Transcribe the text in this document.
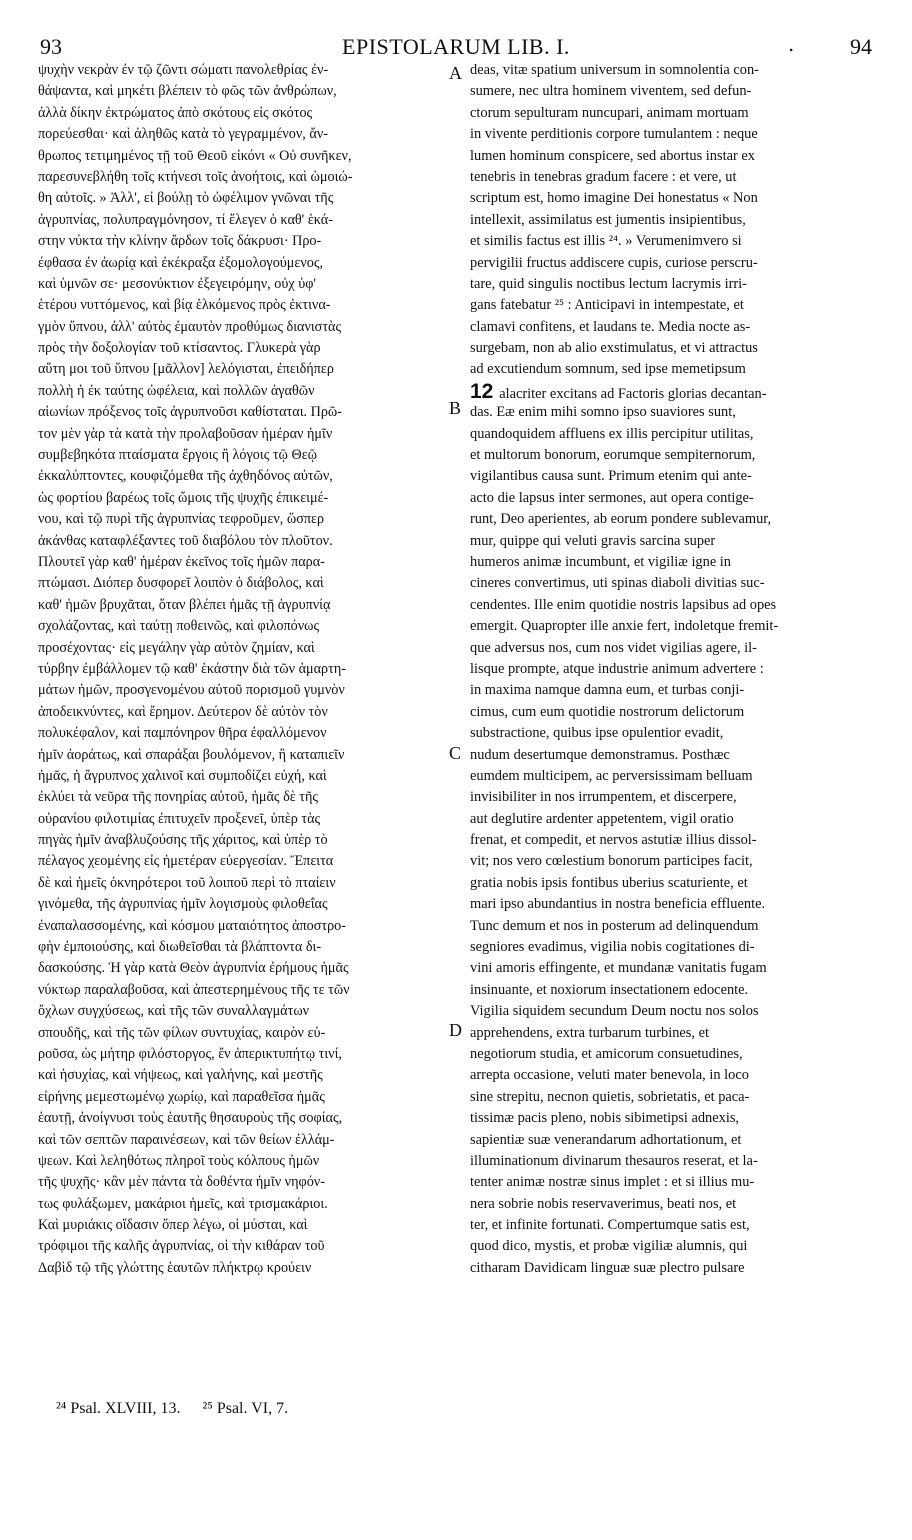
93	EPISTOLARUM LIB. I.	.	94
ψυχὴν νεκρὰν ἐν τῷ ζῶντι σώματι πανολεθρίας ἐν-
θάψαντα, καὶ μηκέτι βλέπειν τὸ φῶς τῶν ἀνθρώπων,
ἀλλὰ δίκην ἐκτρώματος ἀπὸ σκότους εἰς σκότος
πορεύεσθαι· καὶ ἀληθῶς κατὰ τὸ γεγραμμένον, ἄν-
θρωπος τετιμημένος τῇ τοῦ Θεοῦ εἰκόνι « Οὐ συνῆκεν,
παρεσυνεβλήθη τοῖς κτήνεσι τοῖς ἀνοήτοις, καὶ ὡμοιώ-
θη αὐτοῖς. » Ἀλλ', εἰ βούλῃ τὸ ὠφέλιμον γνῶναι τῆς
ἀγρυπνίας, πολυπραγμόνησον, τί ἔλεγεν ὁ καθ' ἑκά-
στην νύκτα τὴν κλίνην ἄρδων τοῖς δάκρυσι· Προ-
έφθασα ἐν ἀωρίᾳ καὶ ἐκέκραξα ἐξομολογούμενος,
καὶ ὑμνῶν σε· μεσονύκτιον ἐξεγειρόμην, οὐχ ὑφ'
ἑτέρου νυττόμενος, καὶ βίᾳ ἑλκόμενος πρὸς ἐκτινα-
γμὸν ὕπνου, ἀλλ' αὐτὸς ἐμαυτὸν προθύμως διανιστὰς
πρὸς τὴν δοξολογίαν τοῦ κτίσαντος. Γλυκερὰ γὰρ
αὕτη μοι τοῦ ὕπνου [μᾶλλον] λελόγισται, ἐπειδήπερ
πολλὴ ἡ ἐκ ταύτης ὠφέλεια, καὶ πολλῶν ἀγαθῶν
αἰωνίων πρόξενος τοῖς ἀγρυπνοῦσι καθίσταται. Πρῶ-
τον μὲν γὰρ τὰ κατὰ τὴν προλαβοῦσαν ἡμέραν ἡμῖν
συμβεβηκότα πταίσματα ἔργοις ἢ λόγοις τῷ Θεῷ
ἐκκαλύπτοντες, κουφιζόμεθα τῆς ἀχθηδόνος αὐτῶν,
ὡς φορτίου βαρέως τοῖς ὤμοις τῆς ψυχῆς ἐπικειμέ-
νου, καὶ τῷ πυρὶ τῆς ἀγρυπνίας τεφροῦμεν, ὥσπερ
ἀκάνθας καταφλέξαντες τοῦ διαβόλου τὸν πλοῦτον.
Πλουτεῖ γὰρ καθ' ἡμέραν ἐκεῖνος τοῖς ἡμῶν παρα-
πτώμασι. Διόπερ δυσφορεῖ λοιπὸν ὁ διάβολος, καὶ
καθ' ἡμῶν βρυχᾶται, ὅταν βλέπει ἡμᾶς τῇ ἀγρυπνίᾳ
σχολάζοντας, καὶ ταύτῃ ποθεινῶς, καὶ φιλοπόνως
προσέχοντας· εἰς μεγάλην γὰρ αὐτὸν ζημίαν, καὶ
τύρβην ἐμβάλλομεν τῷ καθ' ἑκάστην διὰ τῶν ἁμαρτη-
μάτων ἡμῶν, προσγενομένου αὐτοῦ πορισμοῦ γυμνὸν
ἀποδεικνύντες, καὶ ἔρημον. Δεύτερον δὲ αὐτὸν τὸν
πολυκέφαλον, καὶ παμπόνηρον θῆρα ἐφαλλόμενον
ἡμῖν ἀοράτως, καὶ σπαράξαι βουλόμενον, ἢ καταπιεῖν
ἡμᾶς, ἡ ἄγρυπνος χαλινοῖ καὶ συμποδίζει εὐχή, καὶ
ἐκλύει τὰ νεῦρα τῆς πονηρίας αὐτοῦ, ἡμᾶς δὲ τῆς
οὐρανίου φιλοτιμίας ἐπιτυχεῖν προξενεῖ, ὑπὲρ τὰς
πηγὰς ἡμῖν ἀναβλυζούσης τῆς χάριτος, καὶ ὑπὲρ τὸ
πέλαγος χεομένης εἰς ἡμετέραν εὐεργεσίαν. Ἔπειτα
δὲ καὶ ἡμεῖς ὀκνηρότεροι τοῦ λοιποῦ περὶ τὸ πταίειν
γινόμεθα, τῆς ἀγρυπνίας ἡμῖν λογισμοὺς φιλοθεΐας
ἐναπαλασσομένης, καὶ κόσμου ματαιότητος ἀποστρο-
φὴν ἐμποιούσης, καὶ διωθεῖσθαι τὰ βλάπτοντα δι-
δασκούσης. Ἡ γὰρ κατὰ Θεὸν ἀγρυπνία ἐρήμους ἡμᾶς
νύκτωρ παραλαβοῦσα, καὶ ἀπεστερημένους τῆς τε τῶν
ὄχλων συγχύσεως, καὶ τῆς τῶν συναλλαγμάτων
σπουδῆς, καὶ τῆς τῶν φίλων συντυχίας, καιρὸν εὑ-
ροῦσα, ὡς μήτηρ φιλόστοργος, ἔν ἀπερικτυπήτῳ τινί,
καὶ ἡσυχίας, καὶ νήψεως, καὶ γαλήνης, καὶ μεστῆς
εἰρήνης μεμεστωμένῳ χωρίῳ, καὶ παραθεῖσα ἡμᾶς
ἑαυτῇ, ἀνοίγνυσι τοὺς ἑαυτῆς θησαυροὺς τῆς σοφίας,
καὶ τῶν σεπτῶν παραινέσεων, καὶ τῶν θείων ἐλλάμ-
ψεων. Καὶ λεληθότως πληροῖ τοὺς κόλπους ἡμῶν
τῆς ψυχῆς· κἂν μὲν πάντα τὰ δοθέντα ἡμῖν νηφόν-
τως φυλάξωμεν, μακάριοι ἡμεῖς, καὶ τρισμακάριοι.
Καὶ μυριάκις οἴδασιν ὅπερ λέγω, οἱ μύσται, καὶ
τρόφιμοι τῆς καλῆς ἀγρυπνίας, οἱ τὴν κιθάραν τοῦ
Δαβὶδ τῷ τῆς γλώττης ἑαυτῶν πλήκτρῳ κρούειν
deas, vitæ spatium universum in somnolentia con-
sumere, nec ultra hominem viventem, sed defun-
ctorum sepulturam nuncupari, animam mortuam
in vivente perditionis corpore tumulantem : neque
lumen hominum conspicere, sed abortus instar ex
tenebris in tenebras gradum facere : et vere, ut
scriptum est, homo imagine Dei honestatus « Non
intellexit, assimilatus est jumentis insipientibus,
et similis factus est illis ²⁴. » Verumenimvero si
pervigilii fructus addiscere cupis, curiose perscru-
tare, quid singulis noctibus lectum lacrymis irri-
gans fatebatur ²⁵ : Anticipavi in intempestate, et
clamavi confitens, et laudans te. Media nocte as-
surgebam, non ab alio exstimulatus, et vi attractus
ad excutiendum somnum, sed ipse memetipsum
12 alacriter excitans ad Factoris glorias decantan-
das. Eæ enim mihi somno ipso suaviores sunt,
quandoquidem affluens ex illis percipitur utilitas,
et multorum bonorum, eorumque sempiternorum,
vigilantibus causa sunt. Primum etenim qui ante-
acto die lapsus inter sermones, aut opera contige-
runt, Deo aperientes, ab eorum pondere sublevamur,
mur, quippe qui veluti gravis sarcina super
humeros animæ incumbunt, et vigiliæ igne in
cineres convertimus, uti spinas diaboli divitias suc-
cendentes. Ille enim quotidie nostris lapsibus ad opes
emergit. Quapropter ille anxie fert, indoletque fremit-
que adversus nos, cum nos videt vigilias agere, il-
lisque prompte, atque industrie animum advertere :
in maxima namque damna eum, et turbas conji-
cimus, cum eum quotidie nostrorum delictorum
substractione, quibus ipse opulentior evadit,
nudum desertumque demonstramus. Posthæc
eumdem multicipem, ac perversissimam belluam
invisibiliter in nos irrumpentem, et discerpere,
aut deglutire ardenter appetentem, vigil oratio
frenat, et compedit, et nervos astutiæ illius dissol-
vit; nos vero cœlestium bonorum participes facit,
gratia nobis ipsis fontibus uberius scaturiente, et
mari ipso abundantius in nostra beneficia effluente.
Tunc demum et nos in posterum ad delinquendum
segniores evadimus, vigilia nobis cogitationes di-
vini amoris effingente, et mundanæ vanitatis fugam
insinuante, et noxiorum insectationem edocente.
Vigilia siquidem secundum Deum noctu nos solos
apprehendens, extra turbarum turbines, et
negotiorum studia, et amicorum consuetudines,
arrepta occasione, veluti mater benevola, in loco
sine strepitu, necnon quietis, sobrietatis, et paca-
tissimæ pacis pleno, nobis sibimetipsi adnexis,
sapientiæ suæ venerandarum adhortationum, et
illuminationum divinarum thesauros reserat, et la-
tenter animæ nostræ sinus implet : et si illius mu-
nera sobrie nobis reservaverimus, beati nos, et
ter, et infinite fortunati. Compertumque satis est,
quod dico, mystis, et probæ vigiliæ alumnis, qui
citharam Davidicam linguæ suæ plectro pulsare
A
B
C
D
²⁴ Psal. XLVIII, 13. ²⁵ Psal. VI, 7.
